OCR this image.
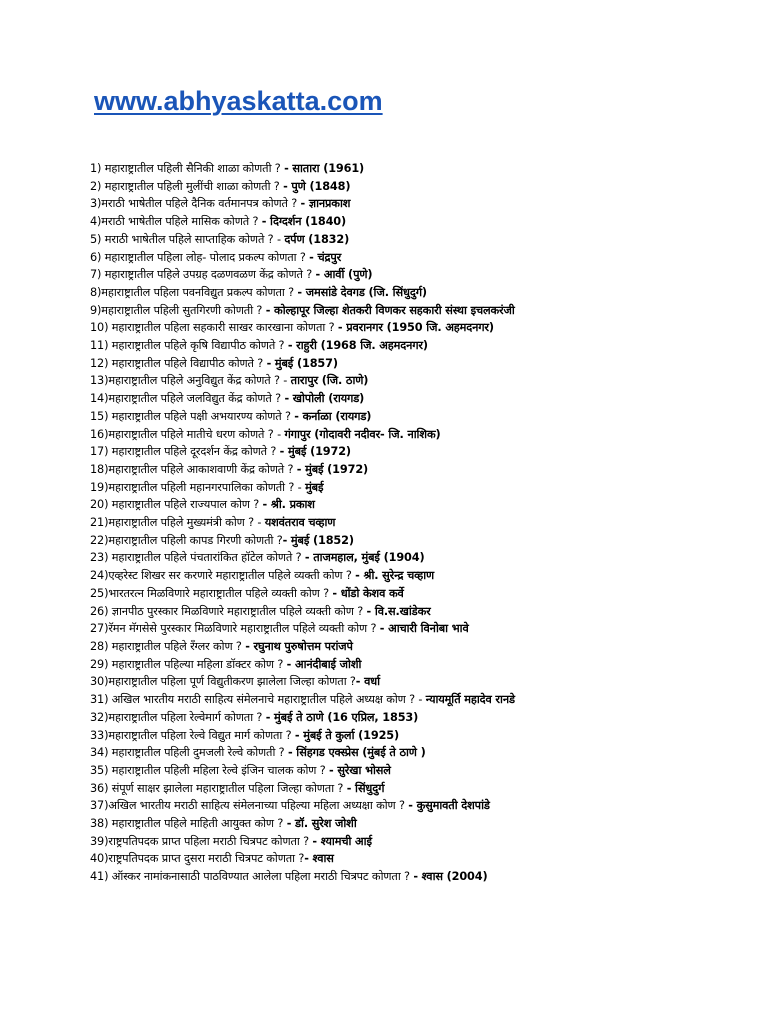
www.abhyaskatta.com
1) महाराष्ट्रातील पहिली सैनिकी शाळा कोणती ? - सातारा (1961)
2) महाराष्ट्रातील पहिली मुलींची शाळा कोणती ? - पुणे (1848)
3)मराठी भाषेतील पहिले दैनिक वर्तमानपत्र कोणते ? - ज्ञानप्रकाश
4)मराठी भाषेतील पहिले मासिक कोणते ? - दिग्दर्शन (1840)
5) मराठी भाषेतील पहिले साप्ताहिक कोणते ? - दर्पण (1832)
6) महाराष्ट्रातील पहिला लोह- पोलाद प्रकल्प कोणता ? - चंद्रपुर
7) महाराष्ट्रातील पहिले उपग्रह दळणवळण केंद्र कोणते ? - आर्वी (पुणे)
8)महाराष्ट्रातील पहिला पवनविद्युत प्रकल्प कोणता ? - जमसांडे देवगड (जि. सिंधुदुर्ग)
9)महाराष्ट्रातील पहिली सुतगिरणी कोणती ? - कोल्हापूर जिल्हा शेतकरी विणकर सहकारी संस्था इचलकरंजी
10) महाराष्ट्रातील पहिला सहकारी साखर कारखाना कोणता ? - प्रवरानगर (1950 जि. अहमदनगर)
11) महाराष्ट्रातील पहिले कृषि विद्यापीठ कोणते ? - राहुरी (1968 जि. अहमदनगर)
12) महाराष्ट्रातील पहिले विद्यापीठ कोणते ? - मुंबई (1857)
13)महाराष्ट्रातील पहिले अनुविद्युत केंद्र कोणते ? - तारापुर (जि. ठाणे)
14)महाराष्ट्रातील पहिले जलविद्युत केंद्र कोणते ? - खोपोली (रायगड)
15) महाराष्ट्रातील पहिले पक्षी अभयारण्य कोणते ? - कर्नाळा (रायगड)
16)महाराष्ट्रातील पहिले मातीचे धरण कोणते ? - गंगापुर (गोदावरी नदीवर- जि. नाशिक)
17) महाराष्ट्रातील पहिले दूरदर्शन केंद्र कोणते ? - मुंबई (1972)
18)महाराष्ट्रातील पहिले आकाशवाणी केंद्र कोणते ? - मुंबई (1972)
19)महाराष्ट्रातील पहिली महानगरपालिका कोणती ? - मुंबई
20) महाराष्ट्रातील पहिले राज्यपाल कोण ? - श्री. प्रकाश
21)महाराष्ट्रातील पहिले मुख्यमंत्री कोण ? - यशवंतराव चव्हाण
22)महाराष्ट्रातील पहिली कापड गिरणी कोणती ?- मुंबई (1852)
23) महाराष्ट्रातील पहिले पंचतारांकित हॉटेल कोणते ? - ताजमहाल, मुंबई (1904)
24)एव्हरेस्ट शिखर सर करणारे महाराष्ट्रातील पहिले व्यक्ती कोण ? - श्री. सुरेन्द्र चव्हाण
25)भारतरत्न मिळविणारे महाराष्ट्रातील पहिले व्यक्ती कोण ? - धोंडो केशव कर्वे
26) ज्ञानपीठ पुरस्कार मिळविणारे महाराष्ट्रातील पहिले व्यक्ती कोण ? - वि.स.खांडेकर
27)रॅमन मॅगसेसे पुरस्कार मिळविणारे महाराष्ट्रातील पहिले व्यक्ती कोण ? - आचारी विनोबा भावे
28) महाराष्ट्रातील पहिले रॅंग्लर कोण ? - रघुनाथ पुरुषोत्तम परांजपे
29) महाराष्ट्रातील पहिल्या महिला डॉक्टर कोण ? - आनंदीबाई जोशी
30)महाराष्ट्रातील पहिला पूर्ण विद्युतीकरण झालेला जिल्हा कोणता ?- वर्धा
31) अखिल भारतीय मराठी साहित्य संमेलनाचे महाराष्ट्रातील पहिले अध्यक्ष कोण ? - न्यायमूर्ति महादेव रानडे
32)महाराष्ट्रातील पहिला रेल्वेमार्ग कोणता ? - मुंबई ते ठाणे (16 एप्रिल, 1853)
33)महाराष्ट्रातील पहिला रेल्वे विद्युत मार्ग कोणता ? - मुंबई ते कुर्ला (1925)
34) महाराष्ट्रातील पहिली दुमजली रेल्वे कोणती ? - सिंहगड एक्स्प्रेस (मुंबई ते ठाणे )
35) महाराष्ट्रातील पहिली महिला रेल्वे इंजिन चालक कोण ? - सुरेखा भोसले
36) संपूर्ण साक्षर झालेला महाराष्ट्रातील पहिला जिल्हा कोणता ? - सिंधुदुर्ग
37)अखिल भारतीय मराठी साहित्य संमेलनाच्या पहिल्या महिला अध्यक्षा कोण ? - कुसुमावती देशपांडे
38) महाराष्ट्रातील पहिले माहिती आयुक्त कोण ? - डॉ. सुरेश जोशी
39)राष्ट्रपतिपदक प्राप्त पहिला मराठी चित्रपट कोणता ? - श्यामची आई
40)राष्ट्रपतिपदक प्राप्त दुसरा मराठी चित्रपट कोणता ?- श्वास
41) ऑस्कर नामांकनासाठी पाठविण्यात आलेला पहिला मराठी चित्रपट कोणता ? - श्वास (2004)
